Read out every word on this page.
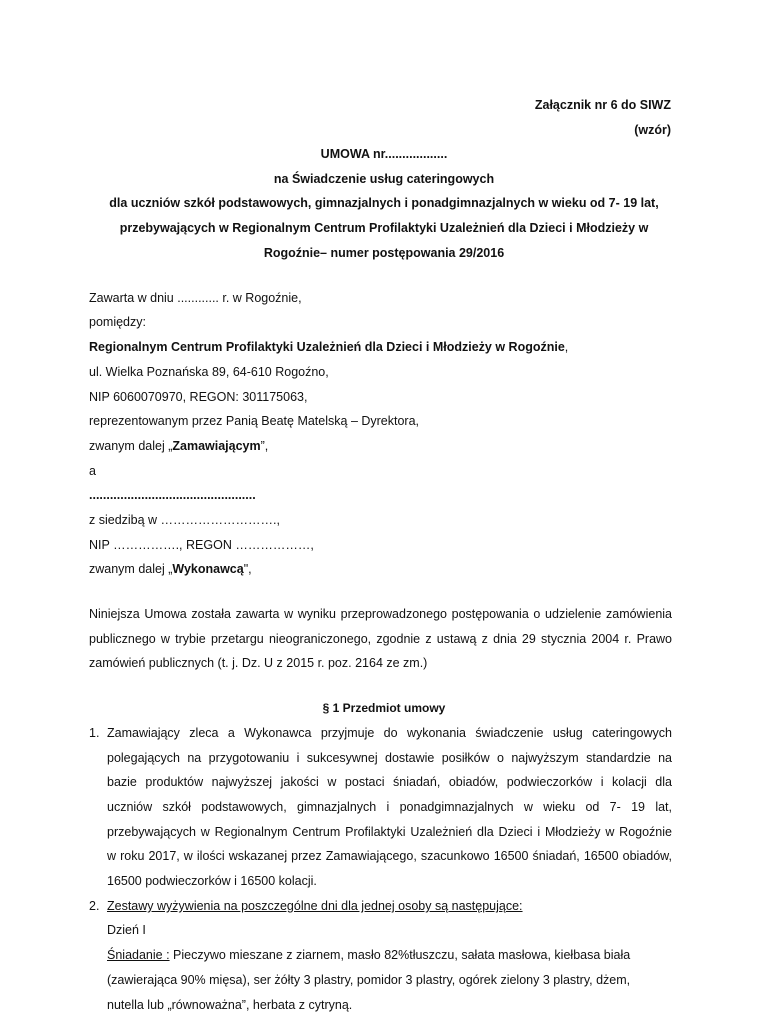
Załącznik nr 6 do SIWZ
(wzór)
UMOWA nr..................
na Świadczenie usług cateringowych
dla uczniów szkół podstawowych, gimnazjalnych i ponadgimnazjalnych w wieku od 7- 19 lat,
przebywających w Regionalnym Centrum Profilaktyki Uzależnień dla Dzieci i Młodzieży w
Rogoźnie– numer postępowania 29/2016
Zawarta w dniu ............ r. w Rogoźnie,
pomiędzy:
Regionalnym Centrum Profilaktyki Uzależnień dla Dzieci i Młodzieży w Rogoźnie,
ul. Wielka Poznańska 89, 64-610 Rogoźno,
NIP 6060070970, REGON: 301175063,
reprezentowanym przez Panią Beatę Matelską – Dyrektora,
zwanym dalej „Zamawiającym”,
a
................................................
z siedzibą w ……………………….,
NIP ……………., REGON ………………,
zwanym dalej „Wykonawcą",
Niniejsza Umowa została zawarta w wyniku przeprowadzonego postępowania o udzielenie zamówienia
publicznego w trybie przetargu nieograniczonego, zgodnie z ustawą z dnia 29 stycznia 2004 r. Prawo
zamówień publicznych (t. j. Dz. U z 2015 r. poz. 2164 ze zm.)
§ 1 Przedmiot umowy
1. Zamawiający zleca a Wykonawca przyjmuje do wykonania świadczenie usług cateringowych
polegających na przygotowaniu i sukcesywnej dostawie posiłków o najwyższym standardzie na
bazie produktów najwyższej jakości w postaci śniadań, obiadów, podwieczorków i kolacji dla
uczniów szkół podstawowych, gimnazjalnych i ponadgimnazjalnych w wieku od 7- 19 lat,
przebywających w Regionalnym Centrum Profilaktyki Uzależnień dla Dzieci i Młodzieży w Rogoźnie
w roku 2017, w ilości wskazanej przez Zamawiającego, szacunkowo 16500 śniadań, 16500 obiadów,
16500 podwieczorków i 16500 kolacji.
2. Zestawy wyżywienia na poszczególne dni dla jednej osoby są następujące:
Dzień I
Śniadanie : Pieczywo mieszane z ziarnem, masło 82%tłuszczu, sałata masłowa, kiełbasa biała
(zawierająca 90% mięsa), ser żółty 3 plastry, pomidor 3 plastry, ogórek zielony 3 plastry, dżem,
nutella lub „równoważna”, herbata z cytryną.
